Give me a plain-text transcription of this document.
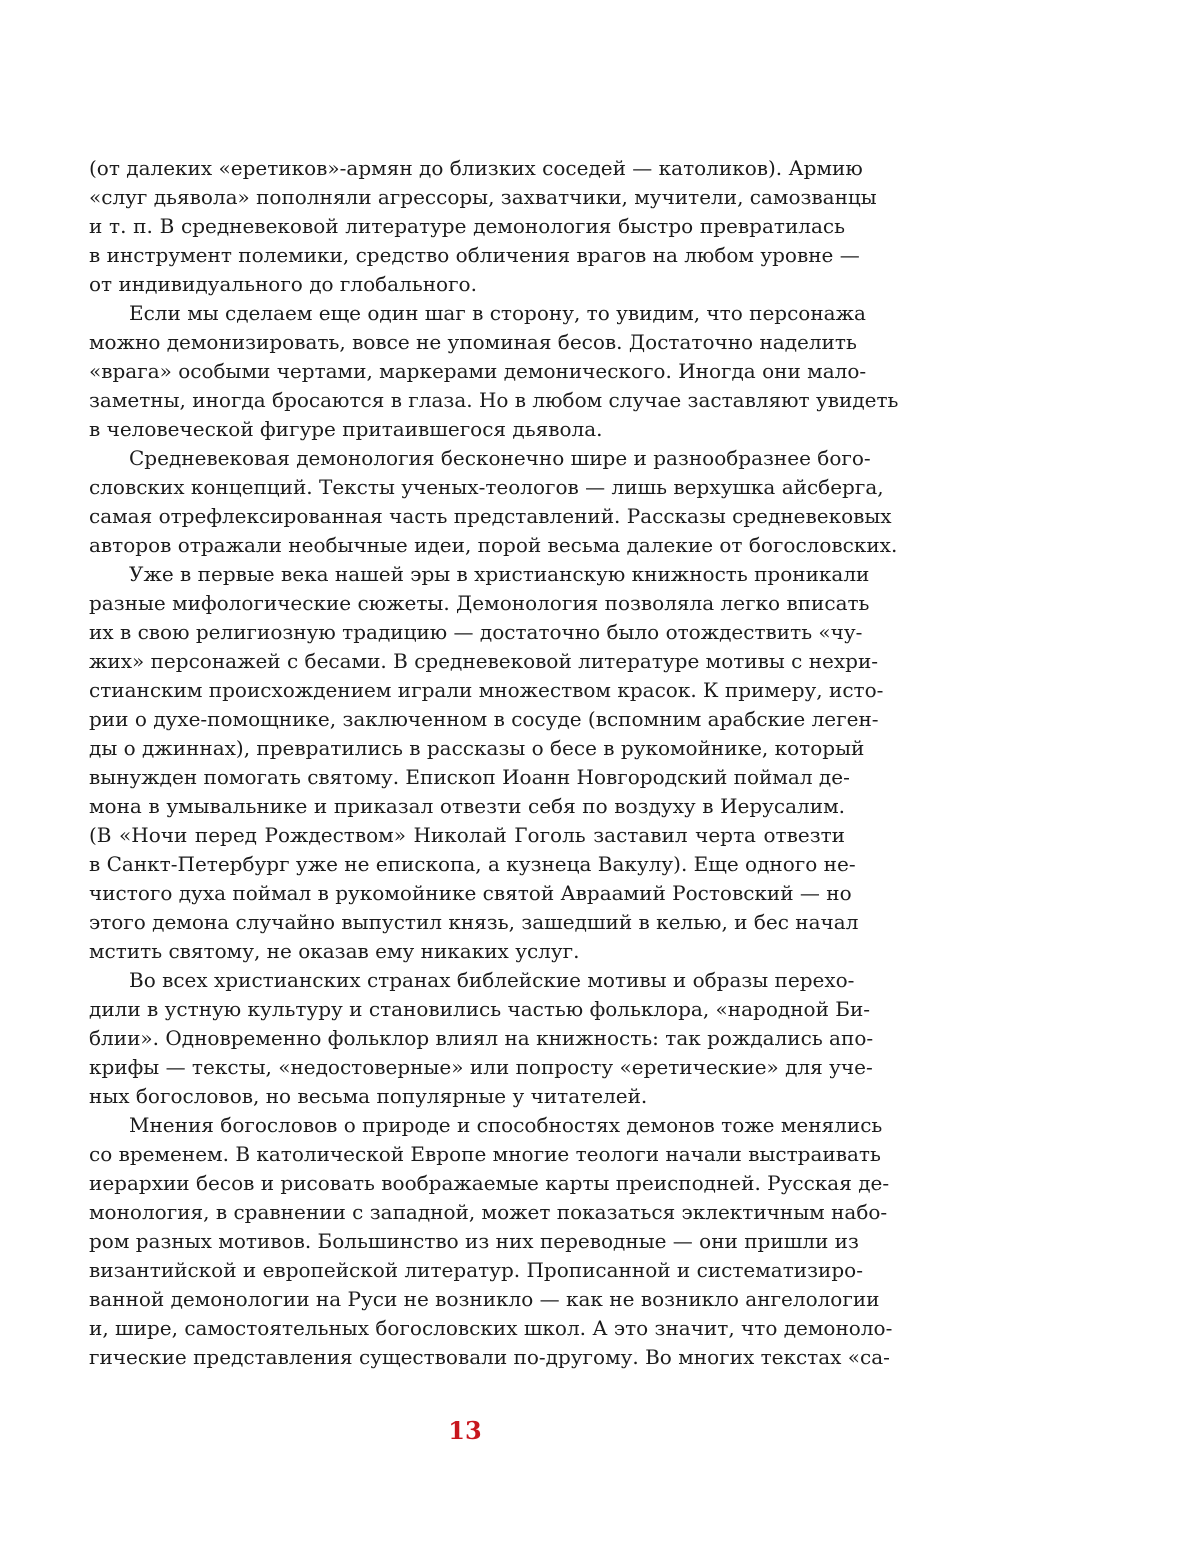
(от далеких «еретиков»-армян до близких соседей — католиков). Армию
«слуг дьявола» пополняли агрессоры, захватчики, мучители, самозванцы
и т. п. В средневековой литературе демонология быстро превратилась
в инструмент полемики, средство обличения врагов на любом уровне —
от индивидуального до глобального.
Если мы сделаем еще один шаг в сторону, то увидим, что персонажа
можно демонизировать, вовсе не упоминая бесов. Достаточно наделить
«врага» особыми чертами, маркерами демонического. Иногда они мало-
заметны, иногда бросаются в глаза. Но в любом случае заставляют увидеть
в человеческой фигуре притаившегося дьявола.
Средневековая демонология бесконечно шире и разнообразнее бого-
словских концепций. Тексты ученых-теологов — лишь верхушка айсберга,
самая отрефлексированная часть представлений. Рассказы средневековых
авторов отражали необычные идеи, порой весьма далекие от богословских.
Уже в первые века нашей эры в христианскую книжность проникали
разные мифологические сюжеты. Демонология позволяла легко вписать
их в свою религиозную традицию — достаточно было отождествить «чу-
жих» персонажей с бесами. В средневековой литературе мотивы с нехри-
стианским происхождением играли множеством красок. К примеру, исто-
рии о духе-помощнике, заключенном в сосуде (вспомним арабские леген-
ды о джиннах), превратились в рассказы о бесе в рукомойнике, который
вынужден помогать святому. Епископ Иоанн Новгородский поймал де-
мона в умывальнике и приказал отвезти себя по воздуху в Иерусалим.
(В «Ночи перед Рождеством» Николай Гоголь заставил черта отвезти
в Санкт-Петербург уже не епископа, а кузнеца Вакулу). Еще одного не-
чистого духа поймал в рукомойнике святой Авраамий Ростовский — но
этого демона случайно выпустил князь, зашедший в келью, и бес начал
мстить святому, не оказав ему никаких услуг.
Во всех христианских странах библейские мотивы и образы перехо-
дили в устную культуру и становились частью фольклора, «народной Би-
блии». Одновременно фольклор влиял на книжность: так рождались апо-
крифы — тексты, «недостоверные» или попросту «еретические» для уче-
ных богословов, но весьма популярные у читателей.
Мнения богословов о природе и способностях демонов тоже менялись
со временем. В католической Европе многие теологи начали выстраивать
иерархии бесов и рисовать воображаемые карты преисподней. Русская де-
монология, в сравнении с западной, может показаться эклектичным набо-
ром разных мотивов. Большинство из них переводные — они пришли из
византийской и европейской литератур. Прописанной и систематизиро-
ванной демонологии на Руси не возникло — как не возникло ангелологии
и, шире, самостоятельных богословских школ. А это значит, что демоноло-
гические представления существовали по-другому. Во многих текстах «са-
13
